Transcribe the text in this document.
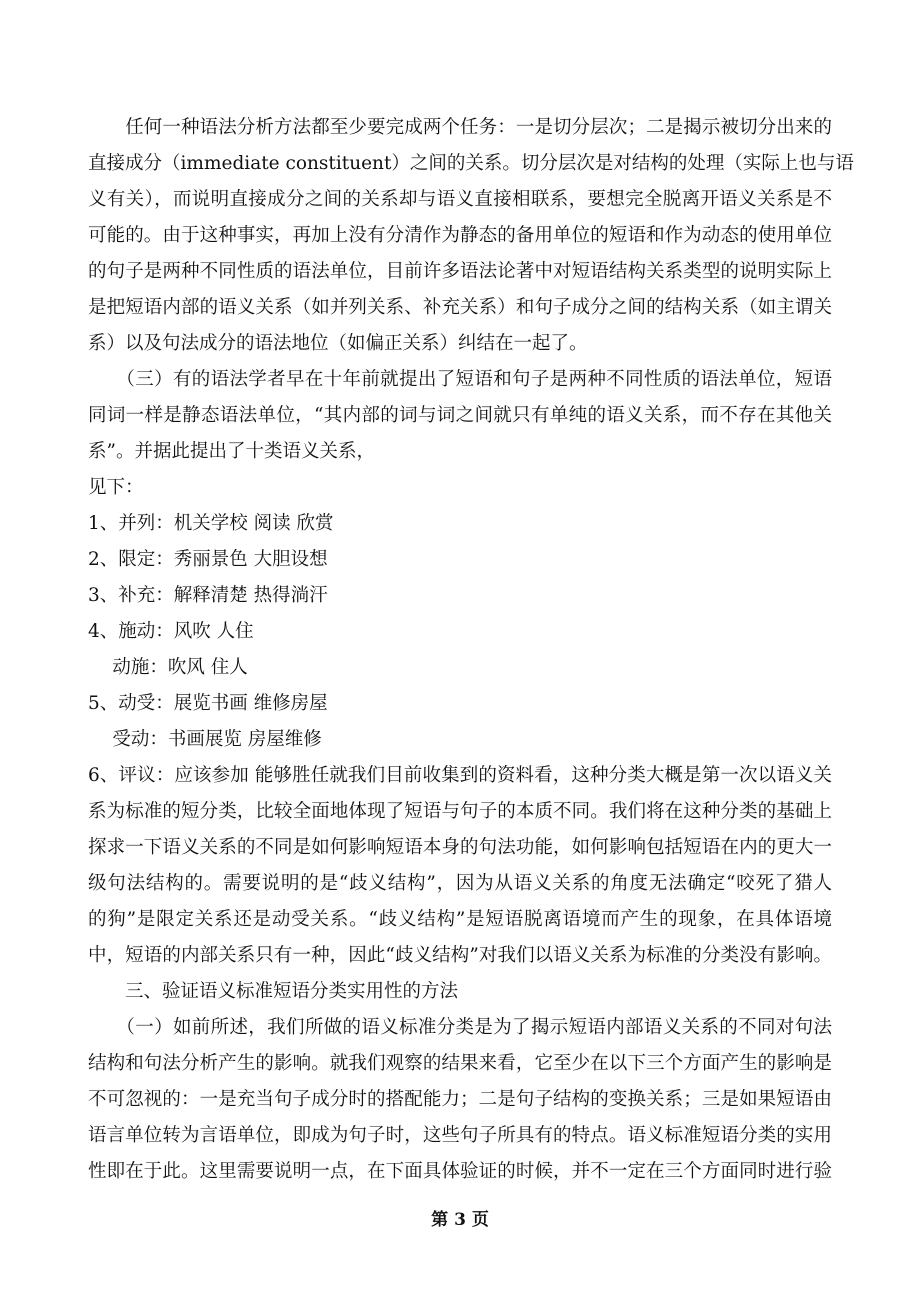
　　任何一种语法分析方法都至少要完成两个任务：一是切分层次；二是揭示被切分出来的

直接成分（immediate constituent）之间的关系。切分层次是对结构的处理（实际上也与语

义有关），而说明直接成分之间的关系却与语义直接相联系，要想完全脱离开语义关系是不

可能的。由于这种事实，再加上没有分清作为静态的备用单位的短语和作为动态的使用单位

的句子是两种不同性质的语法单位，目前许多语法论著中对短语结构关系类型的说明实际上

是把短语内部的语义关系（如并列关系、补充关系）和句子成分之间的结构关系（如主谓关

系）以及句法成分的语法地位（如偏正关系）纠结在一起了。

　　（三）有的语法学者早在十年前就提出了短语和句子是两种不同性质的语法单位，短语

同词一样是静态语法单位，“其内部的词与词之间就只有单纯的语义关系，而不存在其他关

系”。并据此提出了十类语义关系，

见下：

1、并列：机关学校 阅读 欣赏

2、限定：秀丽景色 大胆设想

3、补充：解释清楚 热得淌汗

4、施动：风吹 人住

　 动施：吹风 住人

5、动受：展览书画 维修房屋

　 受动：书画展览 房屋维修

6、评议：应该参加 能够胜任就我们目前收集到的资料看，这种分类大概是第一次以语义关

系为标准的短分类，比较全面地体现了短语与句子的本质不同。我们将在这种分类的基础上

探求一下语义关系的不同是如何影响短语本身的句法功能，如何影响包括短语在内的更大一

级句法结构的。需要说明的是“歧义结构”，因为从语义关系的角度无法确定“咬死了猎人

的狗”是限定关系还是动受关系。“歧义结构”是短语脱离语境而产生的现象，在具体语境

中，短语的内部关系只有一种，因此“歧义结构”对我们以语义关系为标准的分类没有影响。

　　三、验证语义标准短语分类实用性的方法

　　（一）如前所述，我们所做的语义标准分类是为了揭示短语内部语义关系的不同对句法

结构和句法分析产生的影响。就我们观察的结果来看，它至少在以下三个方面产生的影响是

不可忽视的：一是充当句子成分时的搭配能力；二是句子结构的变换关系；三是如果短语由

语言单位转为言语单位，即成为句子时，这些句子所具有的特点。语义标准短语分类的实用

性即在于此。这里需要说明一点，在下面具体验证的时候，并不一定在三个方面同时进行验

第 3 页
